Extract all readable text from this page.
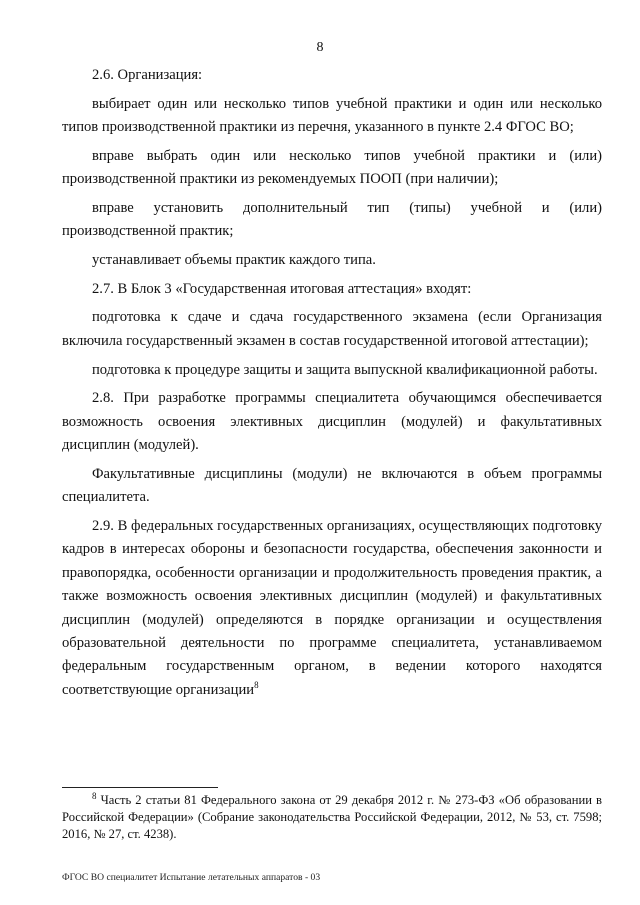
8

2.6. Организация:

выбирает один или несколько типов учебной практики и один или несколько типов производственной практики из перечня, указанного в пункте 2.4 ФГОС ВО;

вправе выбрать один или несколько типов учебной практики и (или) производственной практики из рекомендуемых ПООП (при наличии);

вправе установить дополнительный тип (типы) учебной и (или) производственной практик;

устанавливает объемы практик каждого типа.

2.7. В Блок 3 «Государственная итоговая аттестация» входят:

подготовка к сдаче и сдача государственного экзамена (если Организация включила государственный экзамен в состав государственной итоговой аттестации);

подготовка к процедуре защиты и защита выпускной квалификационной работы.

2.8. При разработке программы специалитета обучающимся обеспечивается возможность освоения элективных дисциплин (модулей) и факультативных дисциплин (модулей).

Факультативные дисциплины (модули) не включаются в объем программы специалитета.

2.9. В федеральных государственных организациях, осуществляющих подготовку кадров в интересах обороны и безопасности государства, обеспечения законности и правопорядка, особенности организации и продолжительность проведения практик, а также возможность освоения элективных дисциплин (модулей) и факультативных дисциплин (модулей) определяются в порядке организации и осуществления образовательной деятельности по программе специалитета, устанавливаемом федеральным государственным органом, в ведении которого находятся соответствующие организации$^8$

$^8$ Часть 2 статьи 81 Федерального закона от 29 декабря 2012 г. № 273-ФЗ «Об образовании в Российской Федерации» (Собрание законодательства Российской Федерации, 2012, № 53, ст. 7598; 2016, № 27, ст. 4238).

ФГОС ВО специалитет Испытание летательных аппаратов - 03
